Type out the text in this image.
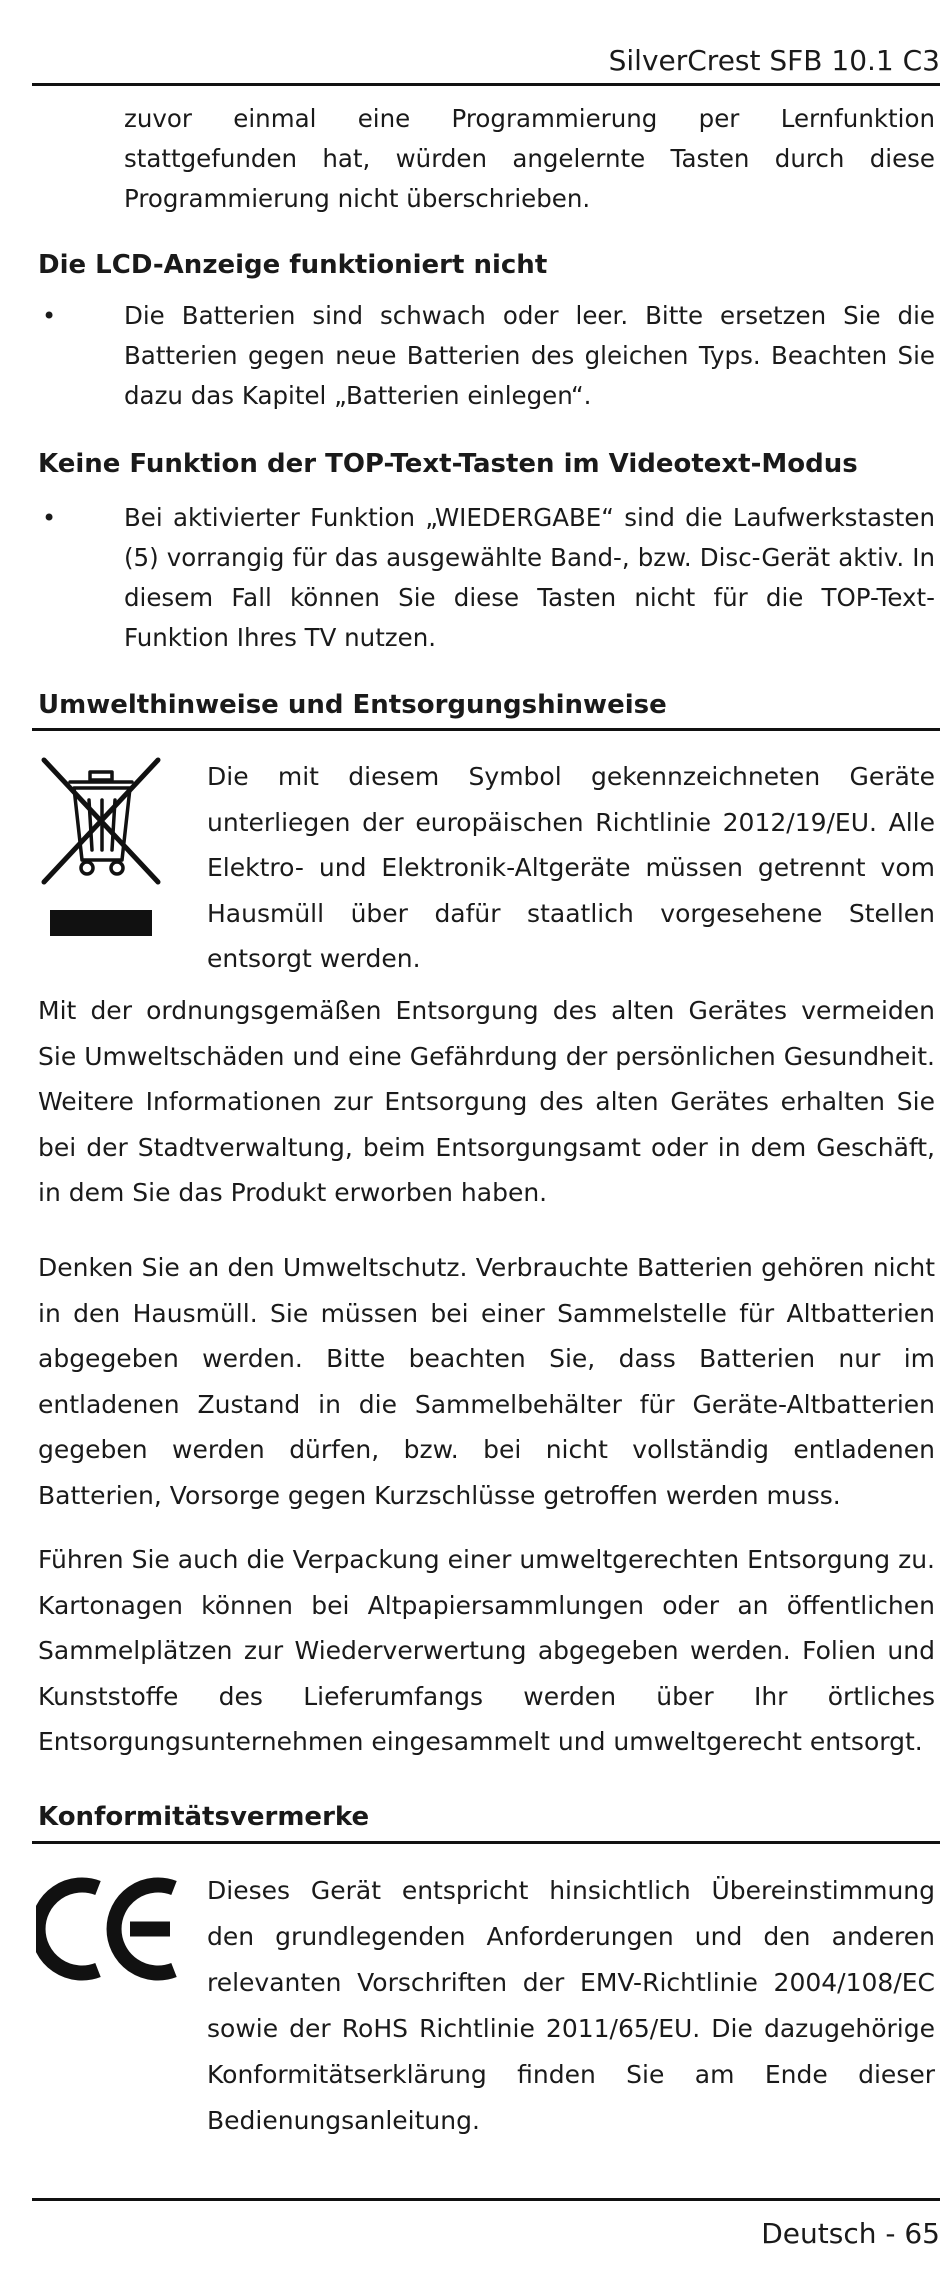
SilverCrest SFB 10.1 C3
zuvor einmal eine Programmierung per Lernfunktion stattgefunden hat, würden angelernte Tasten durch diese Programmierung nicht überschrieben.
Die LCD-Anzeige funktioniert nicht
•	Die Batterien sind schwach oder leer. Bitte ersetzen Sie die Batterien gegen neue Batterien des gleichen Typs. Beachten Sie dazu das Kapitel „Batterien einlegen“.
Keine Funktion der TOP-Text-Tasten im Videotext-Modus
•	Bei aktivierter Funktion „WIEDERGABE“ sind die Laufwerkstasten (5) vorrangig für das ausgewählte Band-, bzw. Disc-Gerät aktiv. In diesem Fall können Sie diese Tasten nicht für die TOP-Text-Funktion Ihres TV nutzen.
Umwelthinweise und Entsorgungshinweise
Die mit diesem Symbol gekennzeichneten Geräte unterliegen der europäischen Richtlinie 2012/19/EU. Alle Elektro- und Elektronik-Altgeräte müssen getrennt vom Hausmüll über dafür staatlich vorgesehene Stellen entsorgt werden.
Mit der ordnungsgemäßen Entsorgung des alten Gerätes vermeiden Sie Umweltschäden und eine Gefährdung der persönlichen Gesundheit. Weitere Informationen zur Entsorgung des alten Gerätes erhalten Sie bei der Stadtverwaltung, beim Entsorgungsamt oder in dem Geschäft, in dem Sie das Produkt erworben haben.
Denken Sie an den Umweltschutz. Verbrauchte Batterien gehören nicht in den Hausmüll. Sie müssen bei einer Sammelstelle für Altbatterien abgegeben werden. Bitte beachten Sie, dass Batterien nur im entladenen Zustand in die Sammelbehälter für Geräte-Altbatterien gegeben werden dürfen, bzw. bei nicht vollständig entladenen Batterien, Vorsorge gegen Kurzschlüsse getroffen werden muss.
Führen Sie auch die Verpackung einer umweltgerechten Entsorgung zu. Kartonagen können bei Altpapiersammlungen oder an öffentlichen Sammelplätzen zur Wiederverwertung abgegeben werden. Folien und Kunststoffe des Lieferumfangs werden über Ihr örtliches Entsorgungsunternehmen eingesammelt und umweltgerecht entsorgt.
Konformitätsvermerke
Dieses Gerät entspricht hinsichtlich Übereinstimmung den grundlegenden Anforderungen und den anderen relevanten Vorschriften der EMV-Richtlinie 2004/108/EC sowie der RoHS Richtlinie 2011/65/EU. Die dazugehörige Konformitätserklärung finden Sie am Ende dieser Bedienungsanleitung.
Deutsch - 65
